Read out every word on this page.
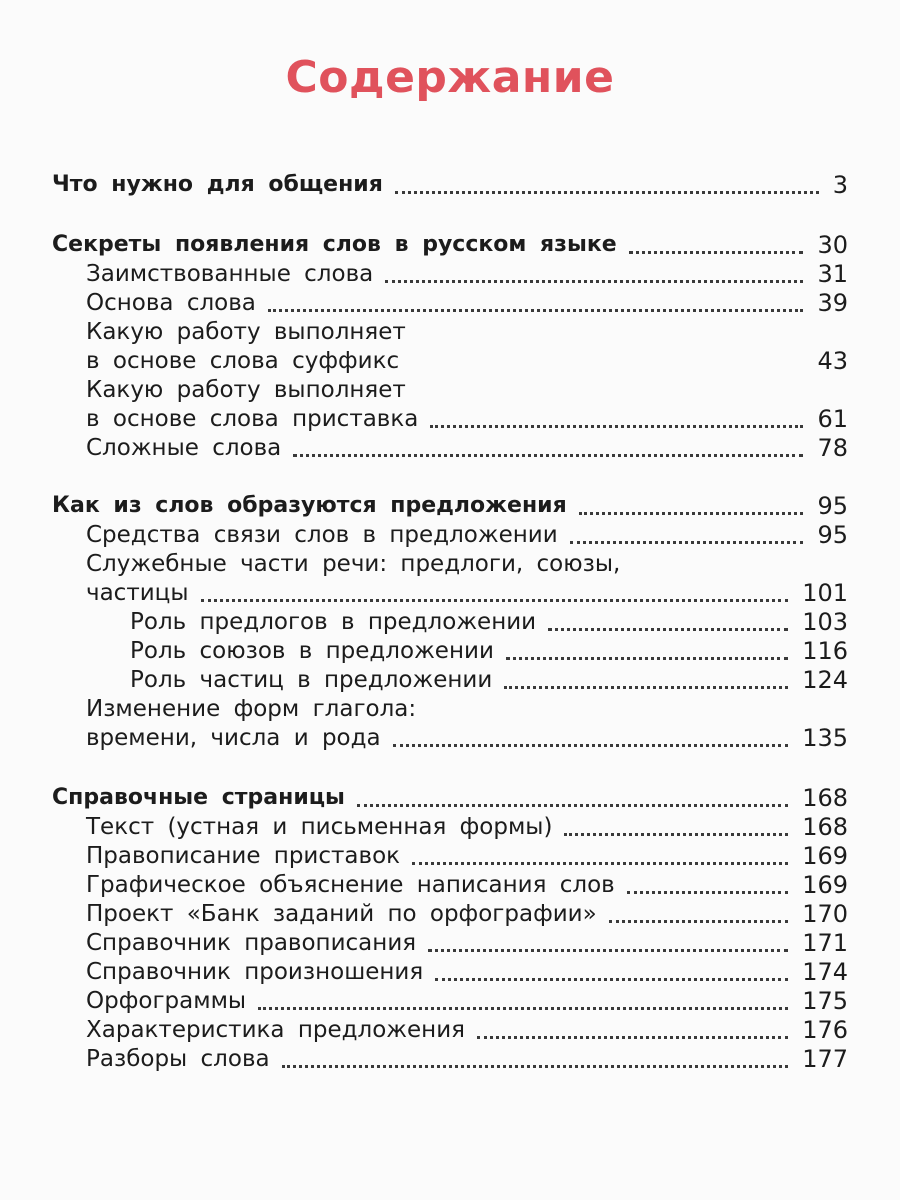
Содержание
Что нужно для общения	3
Секреты появления слов в русском языке	30
Заимствованные слова	31
Основа слова	39
Какую работу выполняет
в основе слова суффикс	43
Какую работу выполняет
в основе слова приставка	61
Сложные слова	78
Как из слов образуются предложения	95
Средства связи слов в предложении	95
Служебные части речи: предлоги, союзы,
частицы	101
Роль предлогов в предложении	103
Роль союзов в предложении	116
Роль частиц в предложении	124
Изменение форм глагола:
времени, числа и рода	135
Справочные страницы	168
Текст (устная и письменная формы)	168
Правописание приставок	169
Графическое объяснение написания слов	169
Проект «Банк заданий по орфографии»	170
Справочник правописания	171
Справочник произношения	174
Орфограммы	175
Характеристика предложения	176
Разборы слова	177
